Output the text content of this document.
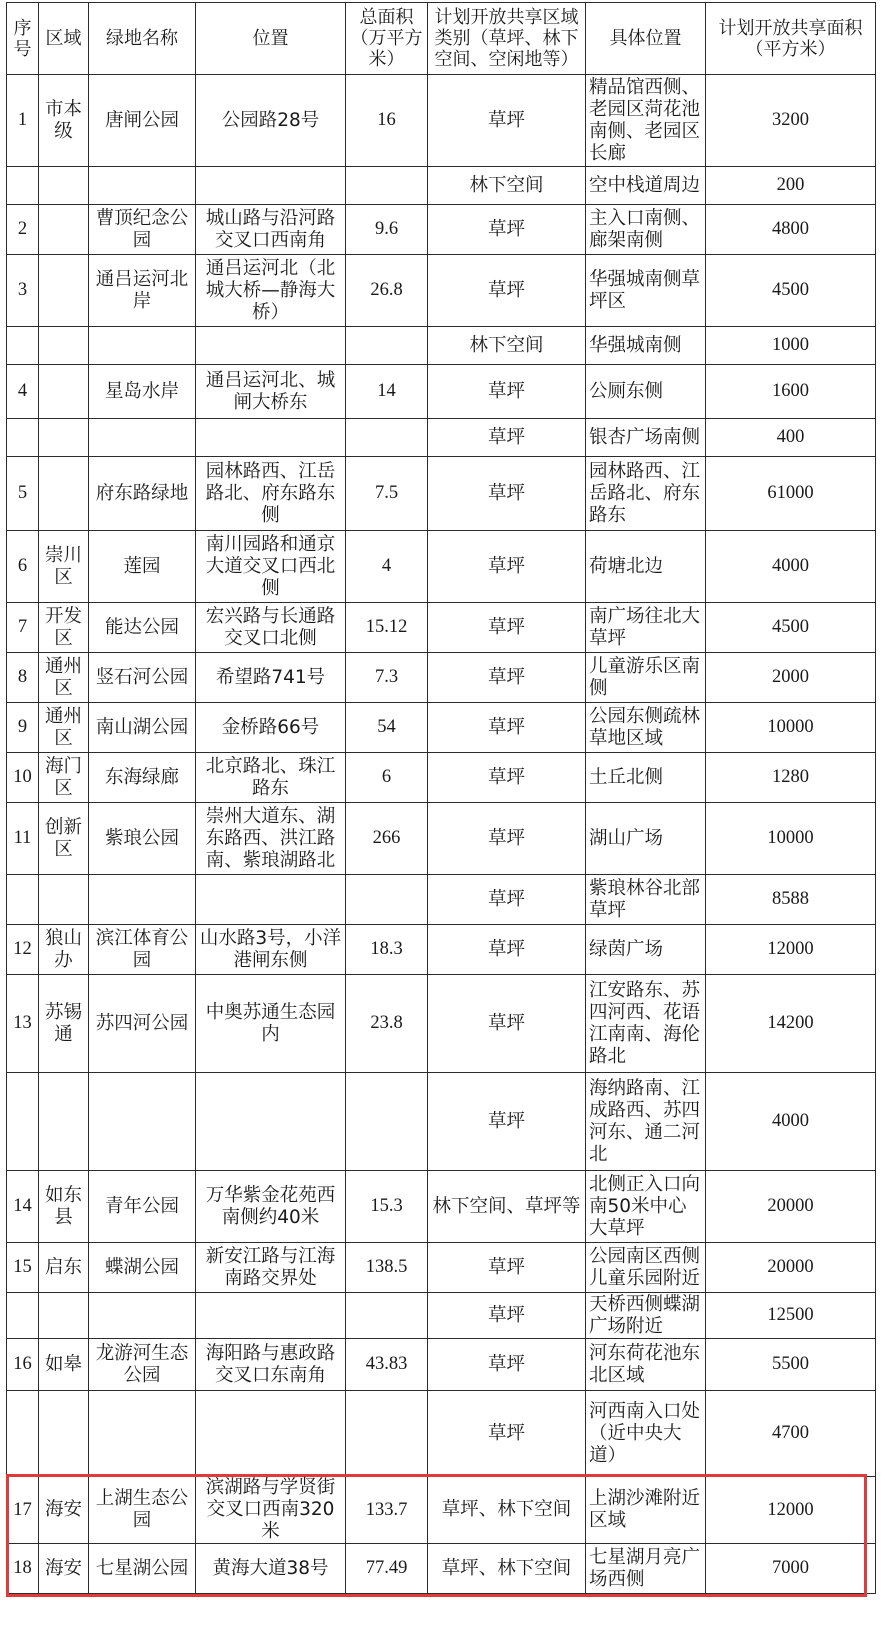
序号	区域	绿地名称	位置	总面积（万平方米）	计划开放共享区域类别（草坪、林下空间、空闲地等）	具体位置	计划开放共享面积（平方米）
1	市本级	唐闸公园	公园路28号	16	草坪	精品馆西侧、老园区菏花池南侧、老园区长廊	3200
					林下空间	空中栈道周边	200
2		曹顶纪念公园	城山路与沿河路交叉口西南角	9.6	草坪	主入口南侧、廊架南侧	4800
3		通吕运河北岸	通吕运河北（北城大桥—静海大桥）	26.8	草坪	华强城南侧草坪区	4500
					林下空间	华强城南侧	1000
4		星岛水岸	通吕运河北、城闸大桥东	14	草坪	公厕东侧	1600
					草坪	银杏广场南侧	400
5		府东路绿地	园林路西、江岳路北、府东路东侧	7.5	草坪	园林路西、江岳路北、府东路东	61000
6	崇川区	莲园	南川园路和通京大道交叉口西北侧	4	草坪	荷塘北边	4000
7	开发区	能达公园	宏兴路与长通路交叉口北侧	15.12	草坪	南广场往北大草坪	4500
8	通州区	竖石河公园	希望路741号	7.3	草坪	儿童游乐区南侧	2000
9	通州区	南山湖公园	金桥路66号	54	草坪	公园东侧疏林草地区域	10000
10	海门区	东海绿廊	北京路北、珠江路东	6	草坪	土丘北侧	1280
11	创新区	紫琅公园	崇州大道东、湖东路西、洪江路南、紫琅湖路北	266	草坪	湖山广场	10000
					草坪	紫琅林谷北部草坪	8588
12	狼山办	滨江体育公园	山水路3号，小洋港闸东侧	18.3	草坪	绿茵广场	12000
13	苏锡通	苏四河公园	中奥苏通生态园内	23.8	草坪	江安路东、苏四河西、花语江南南、海伦路北	14200
					草坪	海纳路南、江成路西、苏四河东、通二河北	4000
14	如东县	青年公园	万华紫金花苑西南侧约40米	15.3	林下空间、草坪等	北侧正入口向南50米中心大草坪	20000
15	启东	蝶湖公园	新安江路与江海南路交界处	138.5	草坪	公园南区西侧儿童乐园附近	20000
					草坪	天桥西侧蝶湖广场附近	12500
16	如皋	龙游河生态公园	海阳路与惠政路交叉口东南角	43.83	草坪	河东荷花池东北区域	5500
					草坪	河西南入口处（近中央大道）	4700
17	海安	上湖生态公园	滨湖路与学贤街交叉口西南320米	133.7	草坪、林下空间	上湖沙滩附近区域	12000
18	海安	七星湖公园	黄海大道38号	77.49	草坪、林下空间	七星湖月亮广场西侧	7000
